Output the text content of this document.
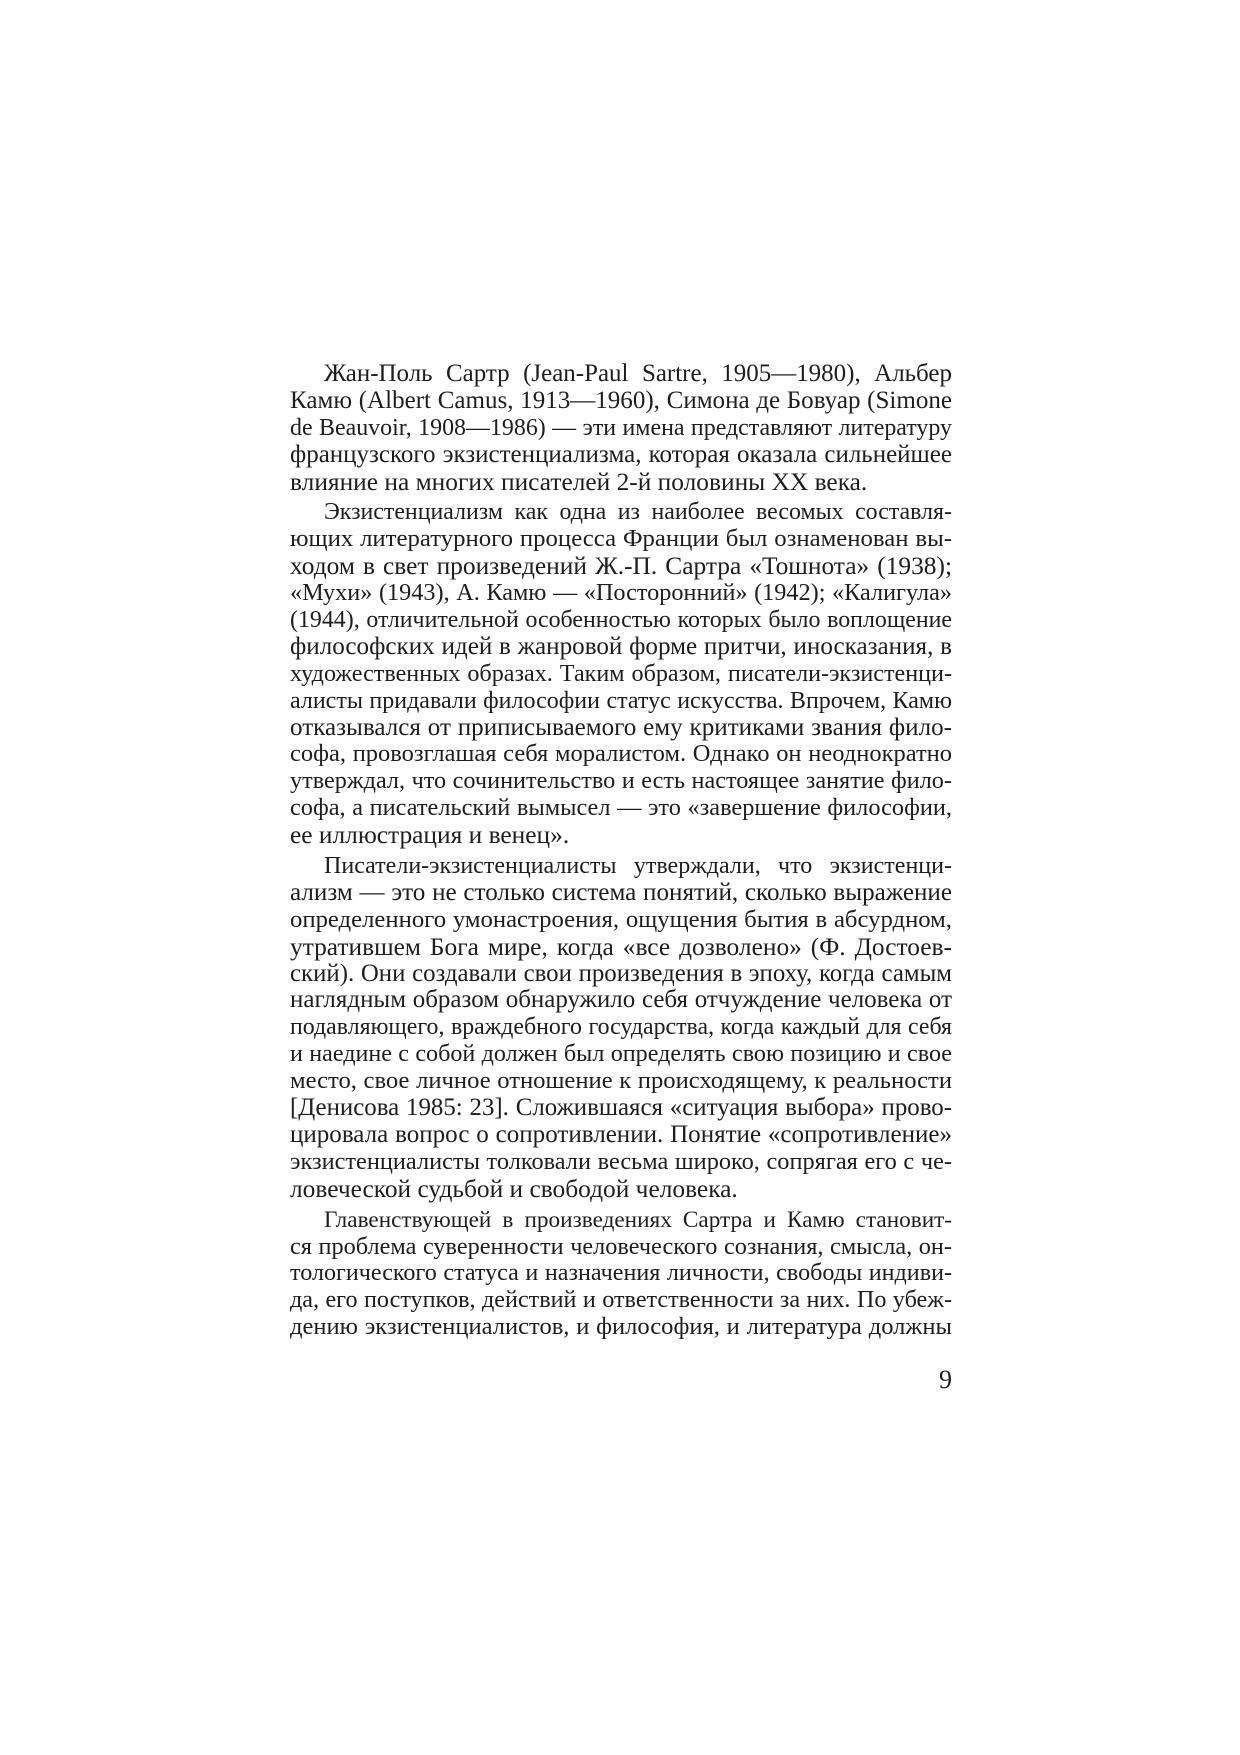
Жан-Поль Сартр (Jean-Paul Sartre, 1905—1980), Альбер
Камю (Albert Camus, 1913—1960), Симона де Бовуар (Simone
de Beauvoir, 1908—1986) — эти имена представляют литературу
французского экзистенциализма, которая оказала сильнейшее
влияние на многих писателей 2-й половины XX века.
Экзистенциализм как одна из наиболее весомых составля-
ющих литературного процесса Франции был ознаменован вы-
ходом в свет произведений Ж.-П. Сартра «Тошнота» (1938);
«Мухи» (1943), А. Камю — «Посторонний» (1942); «Калигула»
(1944), отличительной особенностью которых было воплощение
философских идей в жанровой форме притчи, иносказания, в
художественных образах. Таким образом, писатели-экзистенци-
алисты придавали философии статус искусства. Впрочем, Камю
отказывался от приписываемого ему критиками звания фило-
софа, провозглашая себя моралистом. Однако он неоднократно
утверждал, что сочинительство и есть настоящее занятие фило-
софа, а писательский вымысел — это «завершение философии,
ее иллюстрация и венец».
Писатели-экзистенциалисты утверждали, что экзистенци-
ализм — это не столько система понятий, сколько выражение
определенного умонастроения, ощущения бытия в абсурдном,
утратившем Бога мире, когда «все дозволено» (Ф. Достоев-
ский). Они создавали свои произведения в эпоху, когда самым
наглядным образом обнаружило себя отчуждение человека от
подавляющего, враждебного государства, когда каждый для себя
и наедине с собой должен был определять свою позицию и свое
место, свое личное отношение к происходящему, к реальности
[Денисова 1985: 23]. Сложившаяся «ситуация выбора» прово-
цировала вопрос о сопротивлении. Понятие «сопротивление»
экзистенциалисты толковали весьма широко, сопрягая его с че-
ловеческой судьбой и свободой человека.
Главенствующей в произведениях Сартра и Камю становит-
ся проблема суверенности человеческого сознания, смысла, он-
тологического статуса и назначения личности, свободы индиви-
да, его поступков, действий и ответственности за них. По убеж-
дению экзистенциалистов, и философия, и литература должны
9
